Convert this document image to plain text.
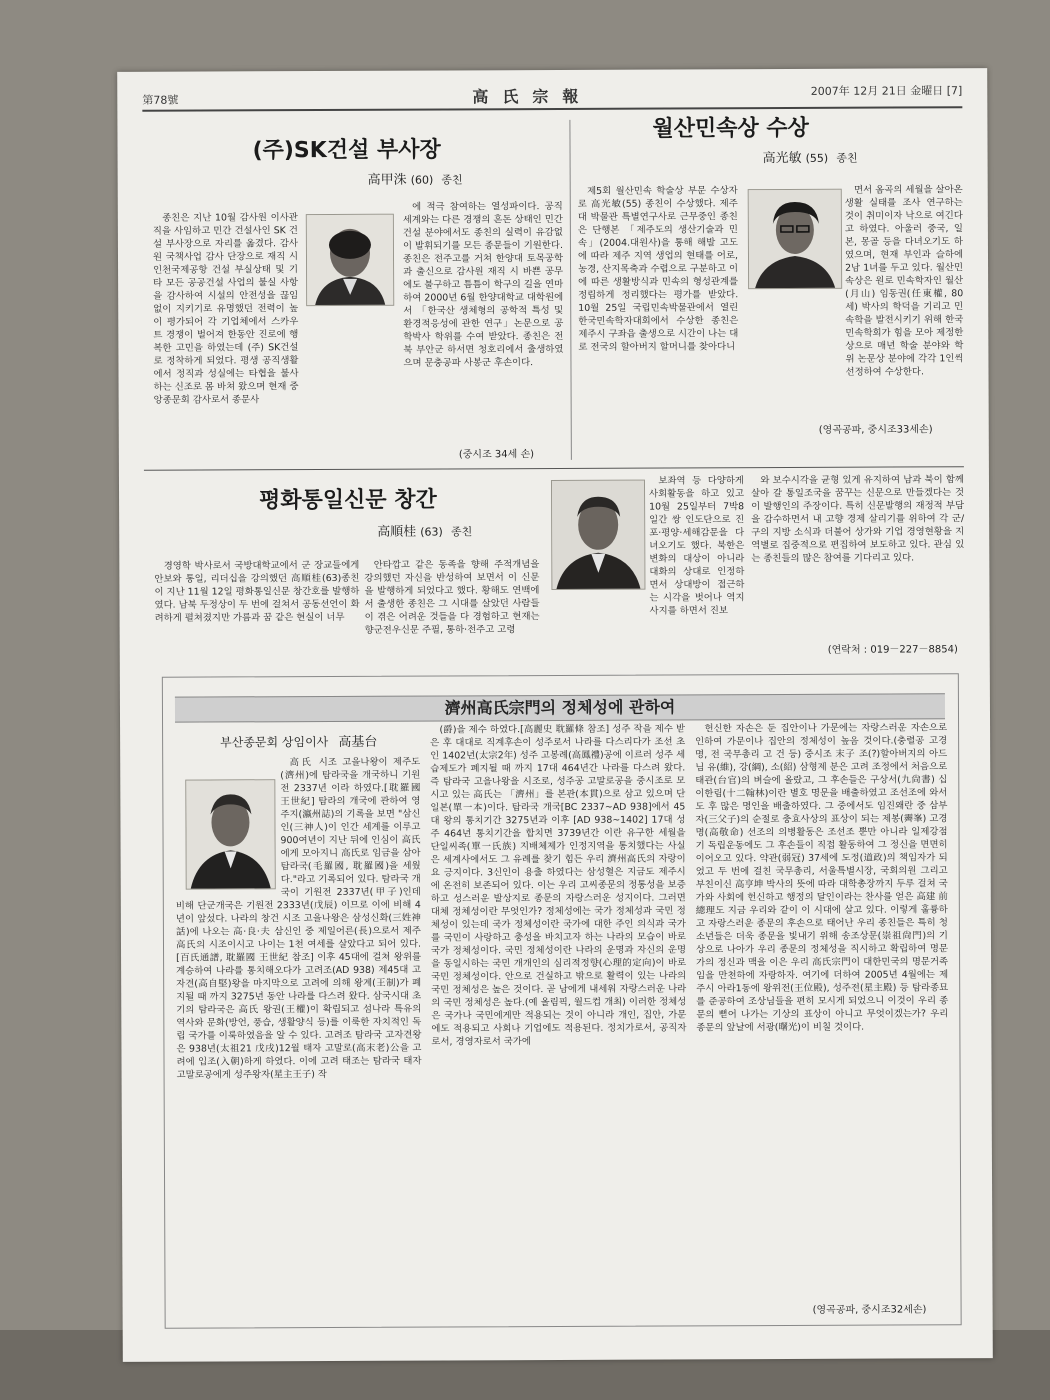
第78號	高氏宗報	2007年 12月 21日 金曜日 [7]
(주)SK건설 부사장
高甲洙 (60) 종친

종친은 지난 10월 감사원 이사관직을 사임하고 민간 건설사인 SK 건설 부사장으로 자리를 옮겼다. 감사원 국책사업 감사 단장으로 재직 시 인천국제공항 건설 부실상태 및 기타 모든 공공건설 사업의 불실 사항을 감사하여 시설의 안전성을 끊임없이 지키기로 유명했던 전력이 높이 평가되어 각 기업체에서 스카우트 경쟁이 벌어져 한동안 진로에 행복한 고민을 하였는데 (주) SK건설로 정착하게 되었다. 평생 공직생활에서 정직과 성실에는 타협을 불사하는 신조로 몸 바쳐 왔으며 현재 중앙종문회 감사로서 종문사

에 적극 참여하는 열성파이다. 공직 세계와는 다른 경쟁의 혼돈 상태인 민간 건설 분야에서도 종친의 실력이 유감없이 발휘되기를 모든 종문들이 기원한다. 종친은 전주고를 거쳐 한양대 토목공학과 출신으로 감사원 재직 시 바쁜 공무에도 불구하고 틈틈이 학구의 길을 연마하여 2000년 6월 한양대학교 대학원에서 「한국산 생체형의 공학적 특성 및 환경적응성에 관한 연구」논문으로 공학박사 학위를 수여 받았다. 종친은 전북 부안군 하서면 청호리에서 출생하였으며 문충공파 사봉군 후손이다.

(중시조 34세 손)
월산민속상 수상
高光敏 (55) 종친

제5회 월산민속 학술상 부문 수상자로 高光敏(55) 종친이 수상했다. 제주대 박물관 특별연구사로 근무중인 종친은 단행본 「제주도의 생산기술과 민속」(2004.대원사)을 통해 해발 고도에 따라 제주 지역 생업의 현태를 어로, 농경, 산지목축과 수렵으로 구분하고 이에 따른 생활방식과 민속의 형성관계를 정립하게 정리했다는 평가를 받았다. 10월 25일 국립민속박물관에서 열린 한국민속학자대회에서 수상한 종친은 제주시 구좌읍 출생으로 시간이 나는 대로 전국의 할아버지 할머니를 찾아다니

면서 옴곡의 세월을 살아온 생활 실태를 조사 연구하는 것이 취미이자 낙으로 여긴다고 하였다. 아울러 중국, 일본, 몽골 등을 다녀오기도 하였으며, 현재 부인과 슬하에 2남 1녀를 두고 있다. 월산민속상은 원로 민속학자인 월산(月山) 임동권(任東權, 80세) 박사의 학덕을 기리고 민속학을 발전시키기 위해 한국 민속학회가 힘을 모아 제정한 상으로 매년 학술 분야와 학위 논문상 분야에 각각 1인씩 선정하여 수상한다.

(영곡공파, 중시조33세손)
평화통일신문 창간
高順桂 (63) 종친

경영학 박사로서 국방대학교에서 군 장교들에게 안보와 통일, 리더십을 강의했던 高順桂(63)종친이 지난 11월 12일 평화통일신문 창간호를 발행하였다. 남북 두정상이 두 번에 걸쳐서 공동선언이 화려하게 펼쳐졌지만 가름과 꿈 같은 현실이 너무

안타깝고 같은 동족을 향해 주적개념을 강의했던 자신을 반성하여 보면서 이 신문을 발행하게 되었다고 했다. 황해도 연백에서 출생한 종친은 그 시대를 살았던 사람들이 겪은 어려운 것들을 다 경험하고 현재는 향군전우신문 주필, 통하·전주고 고령

보좌역 등 다양하게 사회활동을 하고 있고 10월 25일부터 7박8일간 쌍 인도단으로 진포·평양·세해감문을 다녀오기도 했다. 북한은 변화의 대상이 아니라 대화의 상대로 인정하면서 상대방이 접근하는 시각을 벗어나 역지사지를 하면서 진보

와 보수시각을 균형 있게 유지하여 남과 북이 함께 살아 갈 통일조국을 꿈꾸는 신문으로 만들겠다는 것이 발행인의 주장이다. 특히 신문발행의 재정적 부담을 감수하면서 내 고향 경제 살리기를 위하여 각 군/구의 지방 소식과 더불어 상가와 기업 경영현황을 지역별로 집중적으로 편집하여 보도하고 있다. 관심 있는 종친들의 많은 참여를 기다리고 있다.

(연락처 : 019－227－8854)
濟州高氏宗門의 정체성에 관하여
부산종문회 상임이사 高基台

高氏 시조 고을나왕이 제주도(濟州)에 탐라국을 개국하니 기원전 2337년 이라 하였다.[耽羅國 王世紀] 탐라의 개국에 관하여 영주지(瀛州誌)의 기록을 보면 "삼신인(三神人)이 인간 세계를 이루고 900여년이 지난 뒤에 인심이 高氏에게 모아지니 高氏로 임금을 삼아 탐라국(毛羅國, 耽羅國)을 세웠다."라고 기록되어 있다. 탐라국 개국이 기원전 2337년(甲子)인데 비해 단군개국은 기원전 2333년(戊辰) 이므로 이에 비해 4년이 앞섰다. 나라의 창건 시조 고을나왕은 삼성신화(三姓神話)에 나오는 高·良·夫 삼신인 중 제일어른(長)으로서 제주 高氏의 시조이시고 나이는 1천 여세를 살았다고 되어 있다.[百氏通譜, 耽羅國 王世紀 참조] 이후 45대에 걸쳐 왕위를 계승하여 나라를 통치해오다가 고려조(AD 938) 제45대 고자견(高自堅)왕을 마지막으로 고려에 의해 왕계(王制)가 폐지될 때 까지 3275년 동안 나라를 다스려 왔다. 삼국시대 초기의 탐라국은 高氏 왕권(王權)이 확립되고 섬나라 특유의 역사와 문화(방언, 풍습, 생활양식 등)를 이룩한 자치적인 독립 국가를 이룩하였음을 알 수 있다. 고려조 탐라국 고자견왕은 938년(太祖21 戊戌)12월 태자 고말로(高末老)公을 고려에 입조(入朝)하게 하였다. 이에 고려 태조는 탐라국 태자 고말로공에게 성주왕자(星主王子) 작

(爵)을 제수 하였다.[高麗史 耽羅條 참조] 성주 작을 제수 받은 후 대대로 직계후손이 성주로서 나라를 다스리다가 조선 초인 1402년(太宗2年) 성주 고봉례(高鳳禮)공에 이르러 성주 세습제도가 폐지될 때 까지 17대 464년간 나라를 다스려 왔다. 즉 탐라국 고을나왕을 시조로, 성주공 고말로공을 중시조로 모시고 있는 高氏는 「濟州」를 본관(本貫)으로 삼고 있으며 단일본(單一本)이다. 탐라국 개국[BC 2337~AD 938]에서 45대 왕의 통치기간 3275년과 이후 [AD 938~1402] 17대 성주 464년 통치기간을 합치면 3739년간 이란 유구한 세월을 단일씨족(單一氏族) 지배체제가 인정지역을 통치했다는 사실은 세계사에서도 그 유례를 찾기 힘든 우리 濟州高氏의 자랑이요 긍지이다. 3신인이 용출 하였다는 삼성혈은 지금도 제주시에 온전히 보존되어 있다. 이는 우리 고씨종문의 정통성을 보증하고 성스러운 발상지로 종문의 자랑스러운 성지이다. 그러면 대체 정체성이란 무엇인가? 정체성에는 국가 정체성과 국민 정체성이 있는데 국가 정체성이란 국가에 대한 주인 의식과 국가를 국민이 사랑하고 충성을 바치고자 하는 나라의 모습이 바로 국가 정체성이다. 국민 정체성이란 나라의 운명과 자신의 운명을 동일시하는 국민 개개인의 심리적정향(心理的定向)이 바로 국민 정체성이다. 안으로 건실하고 밖으로 활력이 있는 나라의 국민 정체성은 높은 것이다. 곧 남에게 내세워 자랑스러운 나라의 국민 정체성은 높다.(예 올림픽, 월드컵 개최) 이러한 정체성은 국가나 국민에게만 적용되는 것이 아니라 개인, 집안, 가문에도 적용되고 사회나 기업에도 적용된다. 정치가로서, 공직자로서, 경영자로서 국가에

헌신한 자손은 둔 집안이나 가문에는 자랑스러운 자손으로 인하여 가문이나 집안의 정체성이 높음 것이다.(충렬공 고경명, 전 국무총리 고 건 등) 중시조 末子 조(?)할아버지의 아드님 유(維), 강(綱), 소(紹) 삼형제 분은 고려 조정에서 처음으로 태관(台官)의 벼슬에 올랐고, 그 후손들은 구상서(九尙書) 십이한림(十二翰林)이란 별호 명문을 배출하였고 조선조에 와서도 후 많은 명인을 배출하였다. 그 중에서도 임진왜란 중 삼부자(三父子)의 순절로 충효사상의 표상이 되는 제봉(霽峯) 고경명(高敬命) 선조의 의병활동은 조선조 뿐만 아니라 일제강점기 독립운동에도 그 후손들이 직접 활동하여 그 정신을 면면히 이어오고 있다. 약관(弱冠) 37세에 도정(道政)의 책임자가 되었고 두 번에 걸친 국무총리, 서울특별시장, 국회의원 그리고 부친이신 高亨坤 박사의 뜻에 따라 대학총장까지 두루 걸쳐 국가와 사회에 헌신하고 행정의 달인이라는 찬사를 얻은 高建 前總理도 지금 우리와 같이 이 시대에 살고 있다. 이렇게 훌륭하고 자랑스러운 종문의 후손으로 태어난 우리 종친들은 특히 청소년들은 더욱 종문을 빛내기 위해 송조상문(崇祖尙門)의 기상으로 나아가 우리 종문의 정체성을 직시하고 확립하여 명문가의 정신과 맥을 이은 우리 高氏宗門이 대한민국의 명문거족임을 만천하에 자랑하자. 여기에 더하여 2005년 4월에는 제주시 아라1동에 왕위전(王位殿), 성주전(星主殿) 등 탐라종묘를 준공하여 조상님들을 편히 모시게 되었으니 이것이 우리 종문의 뻗어 나가는 기상의 표상이 아니고 무엇이겠는가? 우리 종문의 앞날에 서광(曙光)이 비칠 것이다.

(영곡공파, 중시조32세손)
